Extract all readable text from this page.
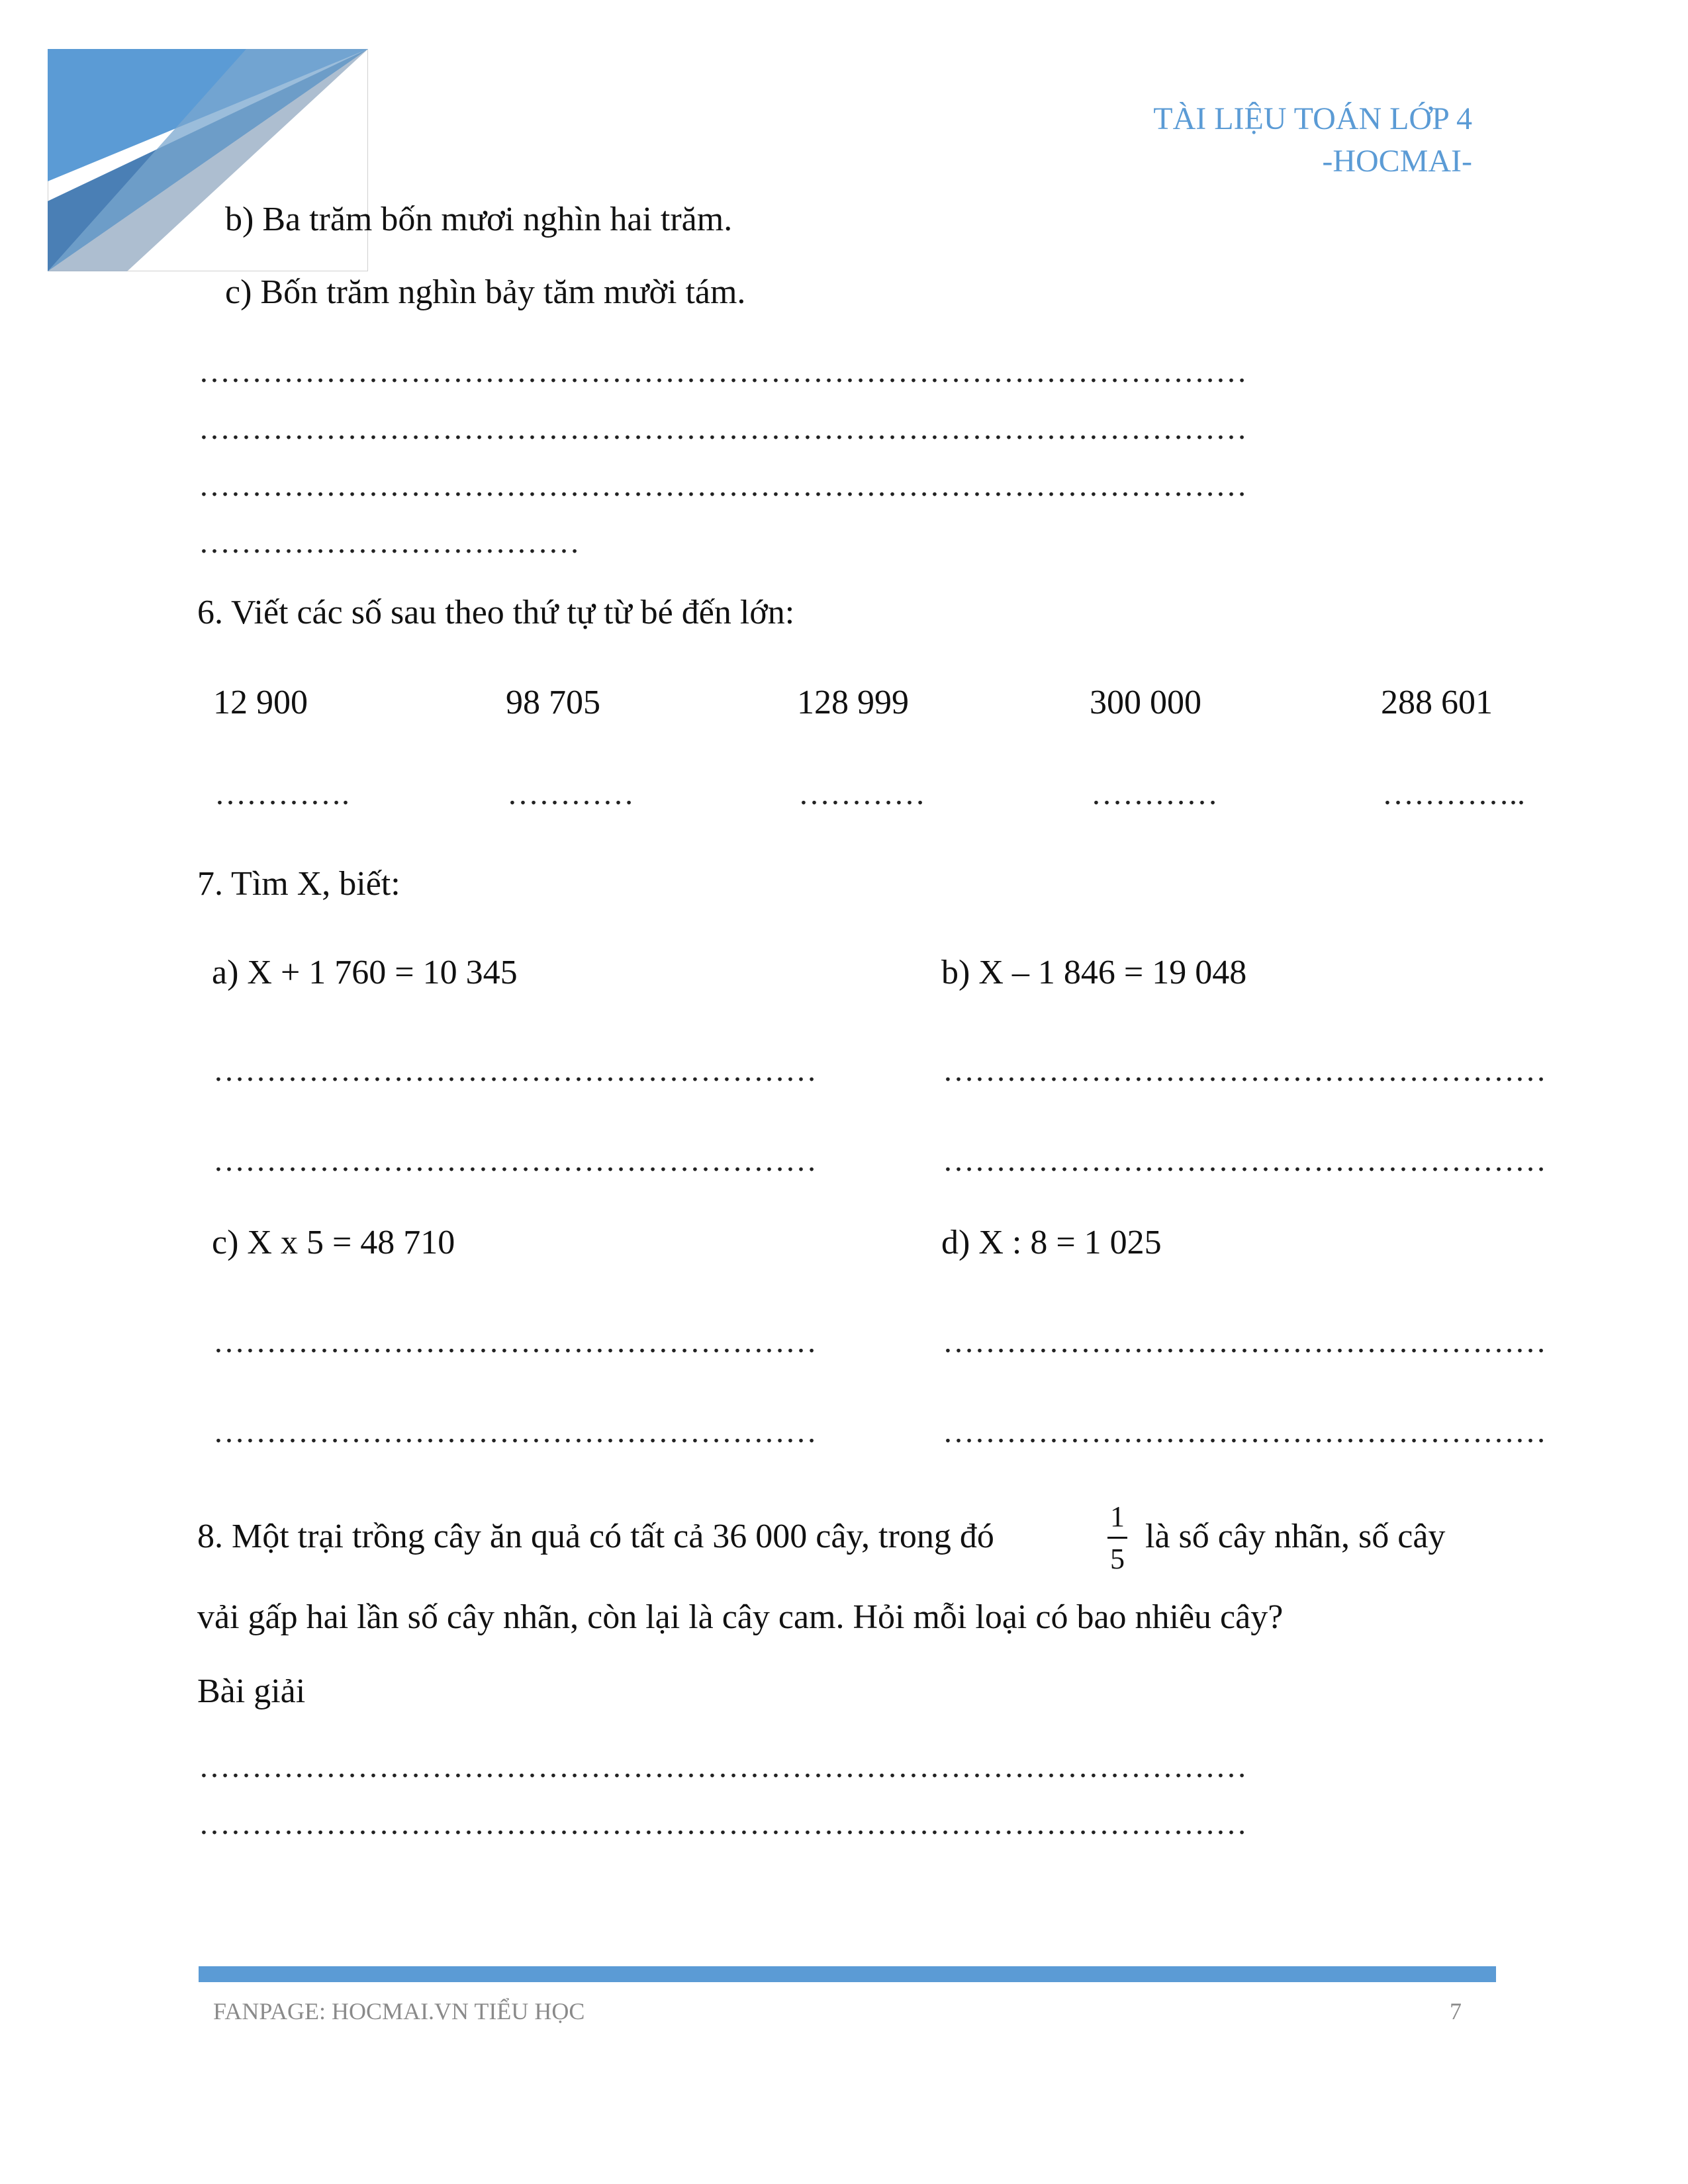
TÀI LIỆU TOÁN LỚP 4
-HOCMAI-
b) Ba trăm bốn mươi nghìn hai trăm.
c) Bốn trăm nghìn bảy tăm mười tám.
………………………………………………………………………………………
………………………………………………………………………………………
………………………………………………………………………………………
………………………………
6. Viết các số sau theo thứ tự từ bé đến lớn:
12 900	98 705	128 999	300 000	288 601
………….	…………	…………	…………	…………..
7. Tìm X, biết:
a) X + 1 760 = 10 345	b) X – 1 846 = 19 048
…………………………………………………	…………………………………………………
…………………………………………………	…………………………………………………
c) X x 5 = 48 710	d) X : 8 = 1 025
…………………………………………………	…………………………………………………
…………………………………………………	…………………………………………………
8. Một trại trồng cây ăn quả có tất cả 36 000 cây, trong đó
1
5
là số cây nhãn, số cây
vải gấp hai lần số cây nhãn, còn lại là cây cam. Hỏi mỗi loại có bao nhiêu cây?
Bài giải
………………………………………………………………………………………
………………………………………………………………………………………
FANPAGE: HOCMAI.VN TIỂU HỌC	7
